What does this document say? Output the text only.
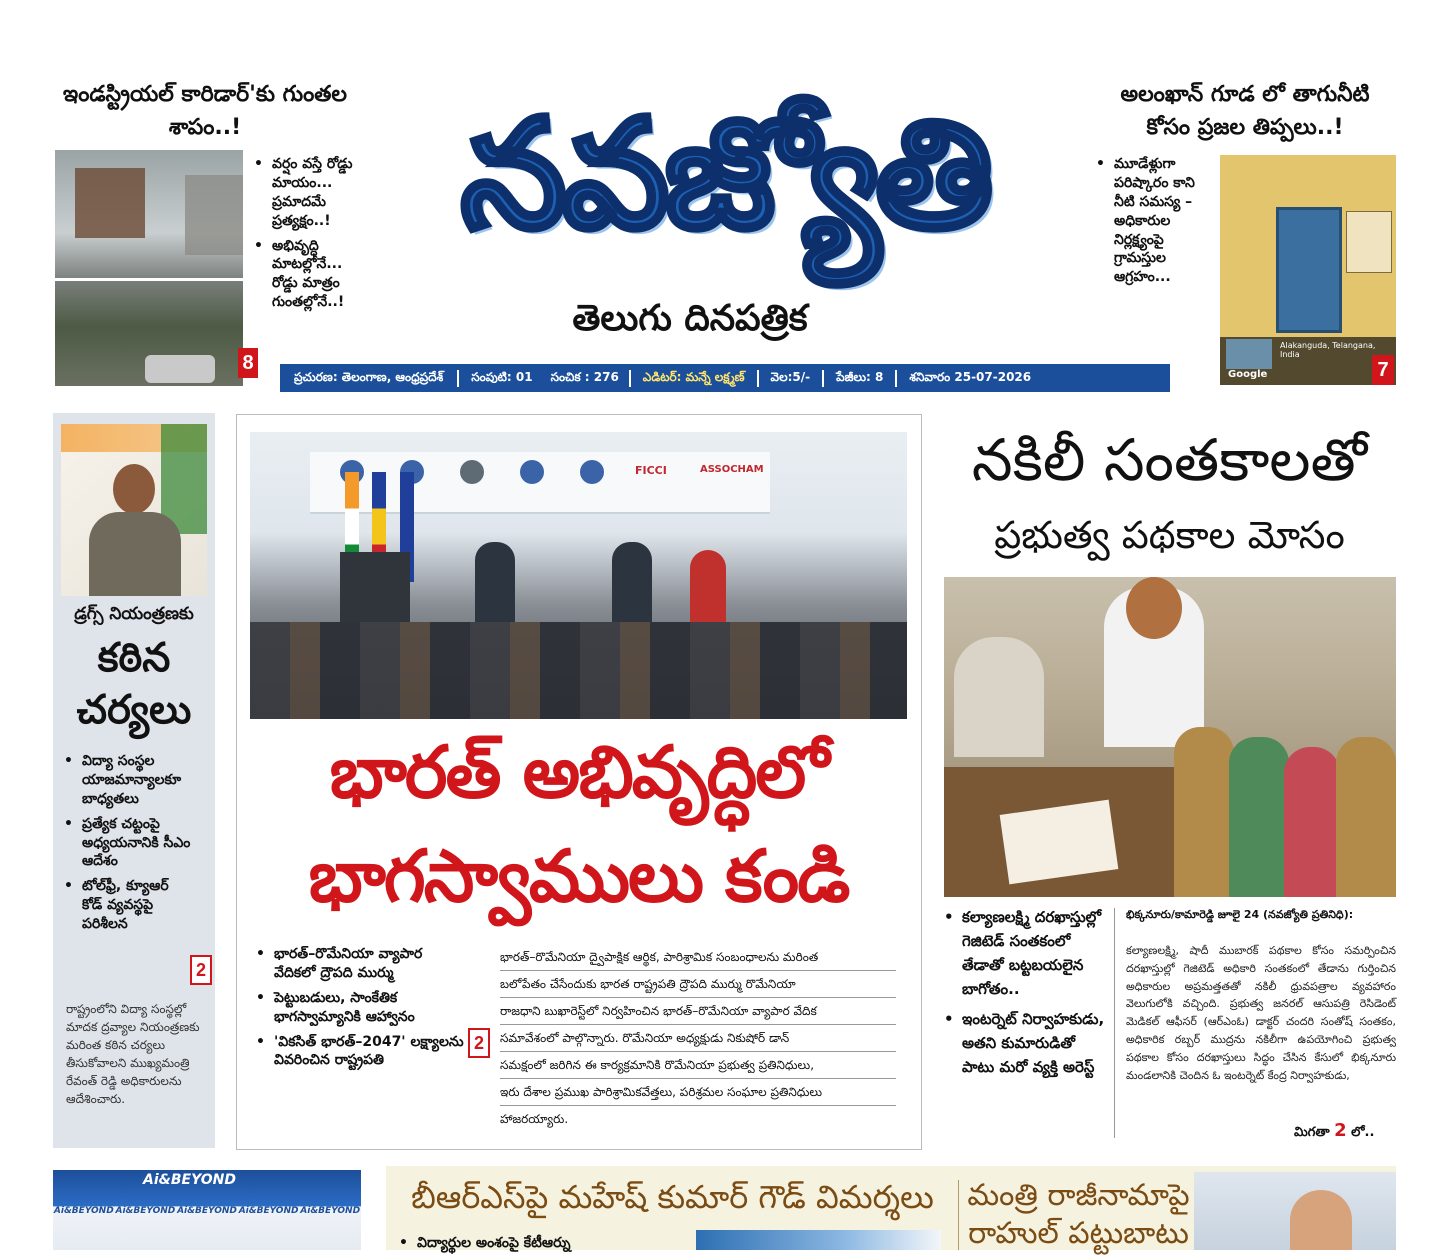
నవజ్యోతి
తెలుగు దినపత్రిక
ప్రచురణ: తెలంగాణ, ఆంధ్రప్రదేశ్	సంపుటి: 01	సంచిక : 276	ఎడిటర్: మన్నే లక్ష్మణ్	వెల:5/-	పేజీలు: 8	శనివారం 25-07-2026
ఇండస్ట్రియల్ కారిడార్'కు గుంతల శాపం..!
8
• వర్షం వస్తే రోడ్డు మాయం... ప్రమాదమే ప్రత్యక్షం..!
• అభివృద్ధి మాటల్లోనే... రోడ్డు మాత్రం గుంతల్లోనే..!
అలంఖాన్ గూడ లో తాగునీటి కోసం ప్రజల తిప్పలు..!
• మూడేళ్లుగా పరిష్కారం కాని నీటి సమస్య – అధికారుల నిర్లక్ష్యంపై గ్రామస్తుల ఆగ్రహం...
Alakanguda, Telangana, India
Google	7
డ్రగ్స్ నియంత్రణకు
కఠిన చర్యలు
• విద్యా సంస్థల యాజమాన్యాలకూ బాధ్యతలు
• ప్రత్యేక చట్టంపై అధ్యయనానికి సీఎం ఆదేశం
• టోల్‌ఫ్రీ, క్యూఆర్ కోడ్ వ్యవస్థపై పరిశీలన
2
రాష్ట్రంలోని విద్యా సంస్థల్లో మాదక ద్రవ్యాల నియంత్రణకు మరింత కఠిన చర్యలు తీసుకోవాలని ముఖ్యమంత్రి రేవంత్ రెడ్డి అధికారులను ఆదేశించారు.
FICCI	ASSOCHAM
భారత్ అభివృద్ధిలో
భాగస్వాములు కండి
• భారత్–రొమేనియా వ్యాపార వేదికలో ద్రౌపది ముర్ము
• పెట్టుబడులు, సాంకేతిక భాగస్వామ్యానికి ఆహ్వానం
• 'వికసిత్ భారత్–2047' లక్ష్యాలను వివరించిన రాష్ట్రపతి
2
భారత్–రొమేనియా ద్వైపాక్షిక ఆర్థిక, పారిశ్రామిక సంబంధాలను మరింత
బలోపేతం చేసేందుకు భారత రాష్ట్రపతి ద్రౌపది ముర్ము రొమేనియా
రాజధాని బుఖారెస్ట్‌లో నిర్వహించిన భారత్–రొమేనియా వ్యాపార వేదిక
సమావేశంలో పాల్గొన్నారు. రొమేనియా అధ్యక్షుడు నికుషోర్ డాన్
సమక్షంలో జరిగిన ఈ కార్యక్రమానికి రొమేనియా ప్రభుత్వ ప్రతినిధులు,
ఇరు దేశాల ప్రముఖ పారిశ్రామికవేత్తలు, పరిశ్రమల సంఘాల ప్రతినిధులు
హాజరయ్యారు.
నకిలీ సంతకాలతో
ప్రభుత్వ పథకాల మోసం
• కల్యాణలక్ష్మి దరఖాస్తుల్లో గెజిటెడ్ సంతకంలో తేడాతో బట్టబయలైన బాగోతం..
• ఇంటర్నెట్ నిర్వాహకుడు, అతని కుమారుడితో పాటు మరో వ్యక్తి అరెస్ట్
భిక్కనూరు/కామారెడ్డి జూలై 24 (నవజ్యోతి ప్రతినిధి):
కల్యాణలక్ష్మి, షాదీ ముబారక్ పథకాల కోసం సమర్పించిన దరఖాస్తుల్లో గెజిటెడ్ అధికారి సంతకంలో తేడాను గుర్తించిన అధికారుల అప్రమత్తతతో నకిలీ ధ్రువపత్రాల వ్యవహారం వెలుగులోకి వచ్చింది. ప్రభుత్వ జనరల్ ఆసుపత్రి రెసిడెంట్ మెడికల్ ఆఫీసర్ (ఆర్‌ఎంఓ) డాక్టర్ చందరి సంతోష్ సంతకం, అధికారిక రబ్బర్ ముద్రను నకిలీగా ఉపయోగించి ప్రభుత్వ పథకాల కోసం దరఖాస్తులు సిద్ధం చేసిన కేసులో భిక్కనూరు మండలానికి చెందిన ఓ ఇంటర్నెట్ కేంద్ర నిర్వాహకుడు,
మిగతా 2 లో..
Ai&BEYOND
Ai&BEYOND Ai&BEYOND Ai&BEYOND Ai&BEYOND Ai&BEYOND	బీఆర్ఎస్‌పై మహేష్ కుమార్ గౌడ్ విమర్శలు
• విద్యార్థుల అంశంపై కేటీఆర్ను
మంత్రి రాజీనామాపై
రాహుల్ పట్టుబాటు
